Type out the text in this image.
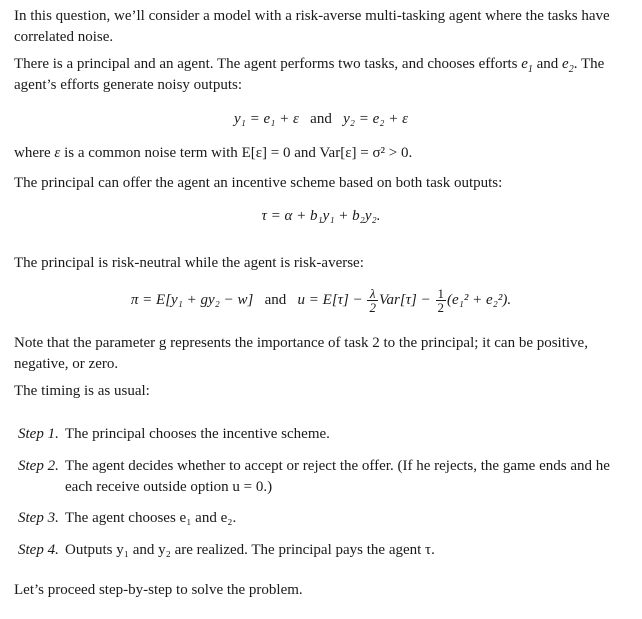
In this question, we’ll consider a model with a risk-averse multi-tasking agent where the tasks have correlated noise.

There is a principal and an agent. The agent performs two tasks, and chooses efforts $e_1$ and $e_2$. The agent’s efforts generate noisy outputs:

y₁ = e₁ + ε and y₂ = e₂ + ε

where ε is a common noise term with E[ε] = 0 and Var[ε] = σ² > 0.

The principal can offer the agent an incentive scheme based on both task outputs:

τ = α + b₁y₁ + b₂y₂.

The principal is risk-neutral while the agent is risk-averse:

π = E[y₁ + gy₂ − w] and $u = E[\tau] - \frac{\lambda}{2} Var[\tau] - \frac{1}{2} (e_1^2 + e_2^2)$.

Note that the parameter g represents the importance of task 2 to the principal; it can be positive, negative, or zero.

The timing is as usual:

Step 1. The principal chooses the incentive scheme.
Step 2. The agent decides whether to accept or reject the offer. (If he rejects, the game ends and he each receive outside option u = 0.)
Step 3. The agent chooses e₁ and e₂.
Step 4. Outputs y₁ and y₂ are realized. The principal pays the agent τ.

Let’s proceed step-by-step to solve the problem.
